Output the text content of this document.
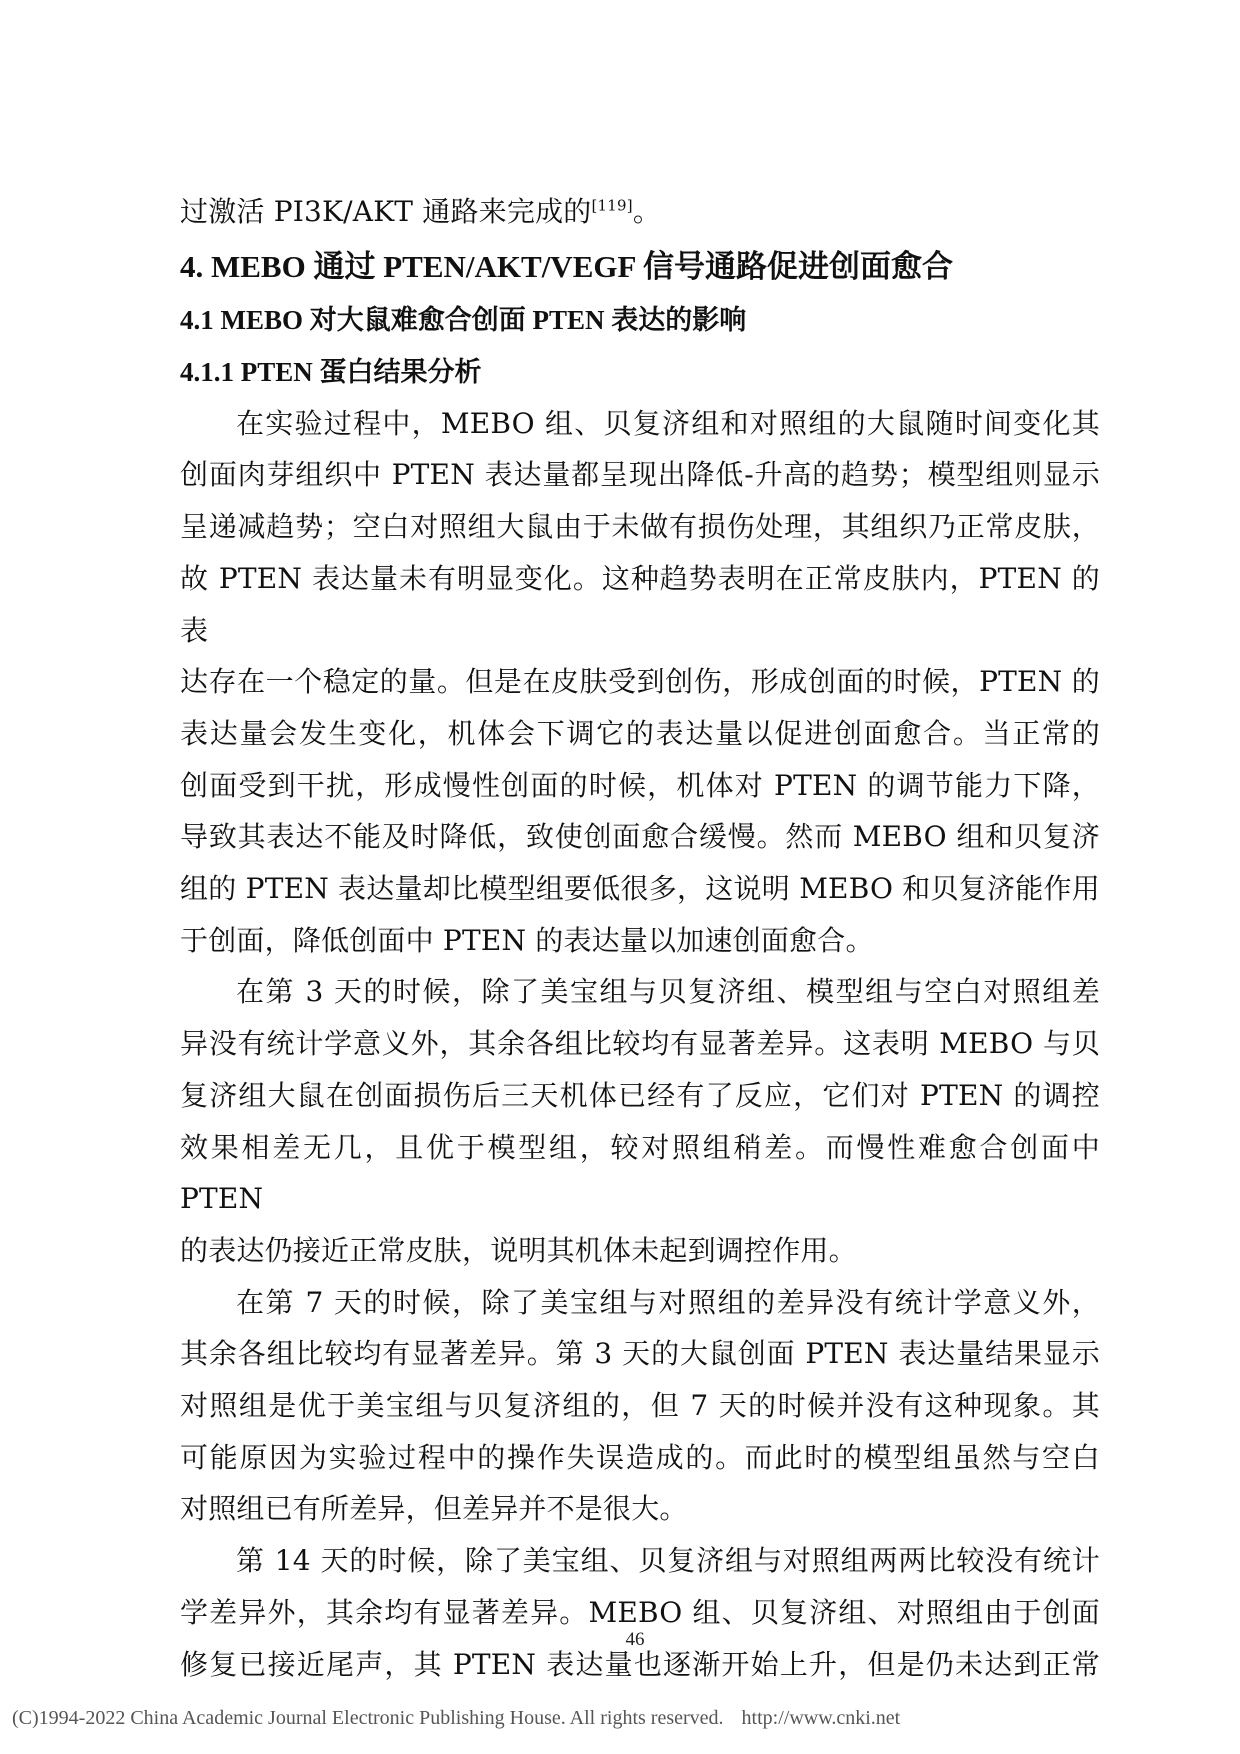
过激活 PI3K/AKT 通路来完成的[119]。
4. MEBO 通过 PTEN/AKT/VEGF 信号通路促进创面愈合
4.1 MEBO 对大鼠难愈合创面 PTEN 表达的影响
4.1.1 PTEN 蛋白结果分析
在实验过程中，MEBO 组、贝复济组和对照组的大鼠随时间变化其
创面肉芽组织中 PTEN 表达量都呈现出降低-升高的趋势；模型组则显示
呈递减趋势；空白对照组大鼠由于未做有损伤处理，其组织乃正常皮肤，
故 PTEN 表达量未有明显变化。这种趋势表明在正常皮肤内，PTEN 的表
达存在一个稳定的量。但是在皮肤受到创伤，形成创面的时候，PTEN 的
表达量会发生变化，机体会下调它的表达量以促进创面愈合。当正常的
创面受到干扰，形成慢性创面的时候，机体对 PTEN 的调节能力下降，
导致其表达不能及时降低，致使创面愈合缓慢。然而 MEBO 组和贝复济
组的 PTEN 表达量却比模型组要低很多，这说明 MEBO 和贝复济能作用
于创面，降低创面中 PTEN 的表达量以加速创面愈合。
在第 3 天的时候，除了美宝组与贝复济组、模型组与空白对照组差
异没有统计学意义外，其余各组比较均有显著差异。这表明 MEBO 与贝
复济组大鼠在创面损伤后三天机体已经有了反应，它们对 PTEN 的调控
效果相差无几，且优于模型组，较对照组稍差。而慢性难愈合创面中 PTEN
的表达仍接近正常皮肤，说明其机体未起到调控作用。
在第 7 天的时候，除了美宝组与对照组的差异没有统计学意义外，
其余各组比较均有显著差异。第 3 天的大鼠创面 PTEN 表达量结果显示
对照组是优于美宝组与贝复济组的，但 7 天的时候并没有这种现象。其
可能原因为实验过程中的操作失误造成的。而此时的模型组虽然与空白
对照组已有所差异，但差异并不是很大。
第 14 天的时候，除了美宝组、贝复济组与对照组两两比较没有统计
学差异外，其余均有显著差异。MEBO 组、贝复济组、对照组由于创面
修复已接近尾声，其 PTEN 表达量也逐渐开始上升，但是仍未达到正常
46
(C)1994-2022 China Academic Journal Electronic Publishing House. All rights reserved. http://www.cnki.net
